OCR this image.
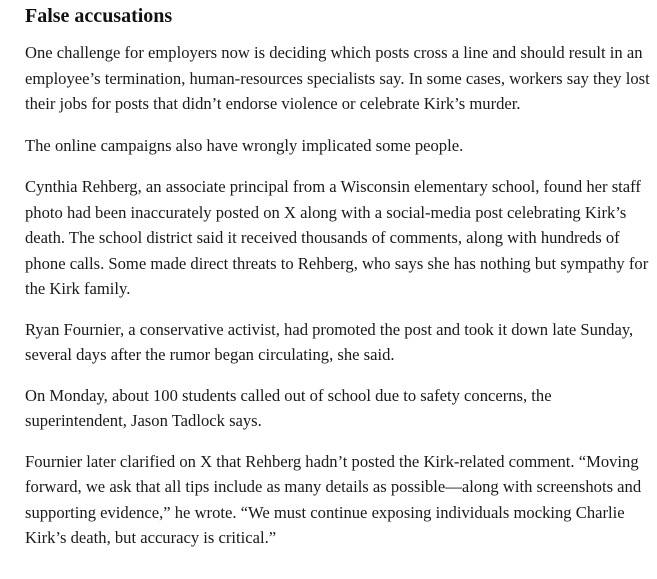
False accusations

One challenge for employers now is deciding which posts cross a line and should result in an employee’s termination, human-resources specialists say. In some cases, workers say they lost their jobs for posts that didn’t endorse violence or celebrate Kirk’s murder.

The online campaigns also have wrongly implicated some people.

Cynthia Rehberg, an associate principal from a Wisconsin elementary school, found her staff photo had been inaccurately posted on X along with a social-media post celebrating Kirk’s death. The school district said it received thousands of comments, along with hundreds of phone calls. Some made direct threats to Rehberg, who says she has nothing but sympathy for the Kirk family.

Ryan Fournier, a conservative activist, had promoted the post and took it down late Sunday, several days after the rumor began circulating, she said.

On Monday, about 100 students called out of school due to safety concerns, the superintendent, Jason Tadlock says.

Fournier later clarified on X that Rehberg hadn’t posted the Kirk-related comment. “Moving forward, we ask that all tips include as many details as possible—along with screenshots and supporting evidence,” he wrote. “We must continue exposing individuals mocking Charlie Kirk’s death, but accuracy is critical.”
